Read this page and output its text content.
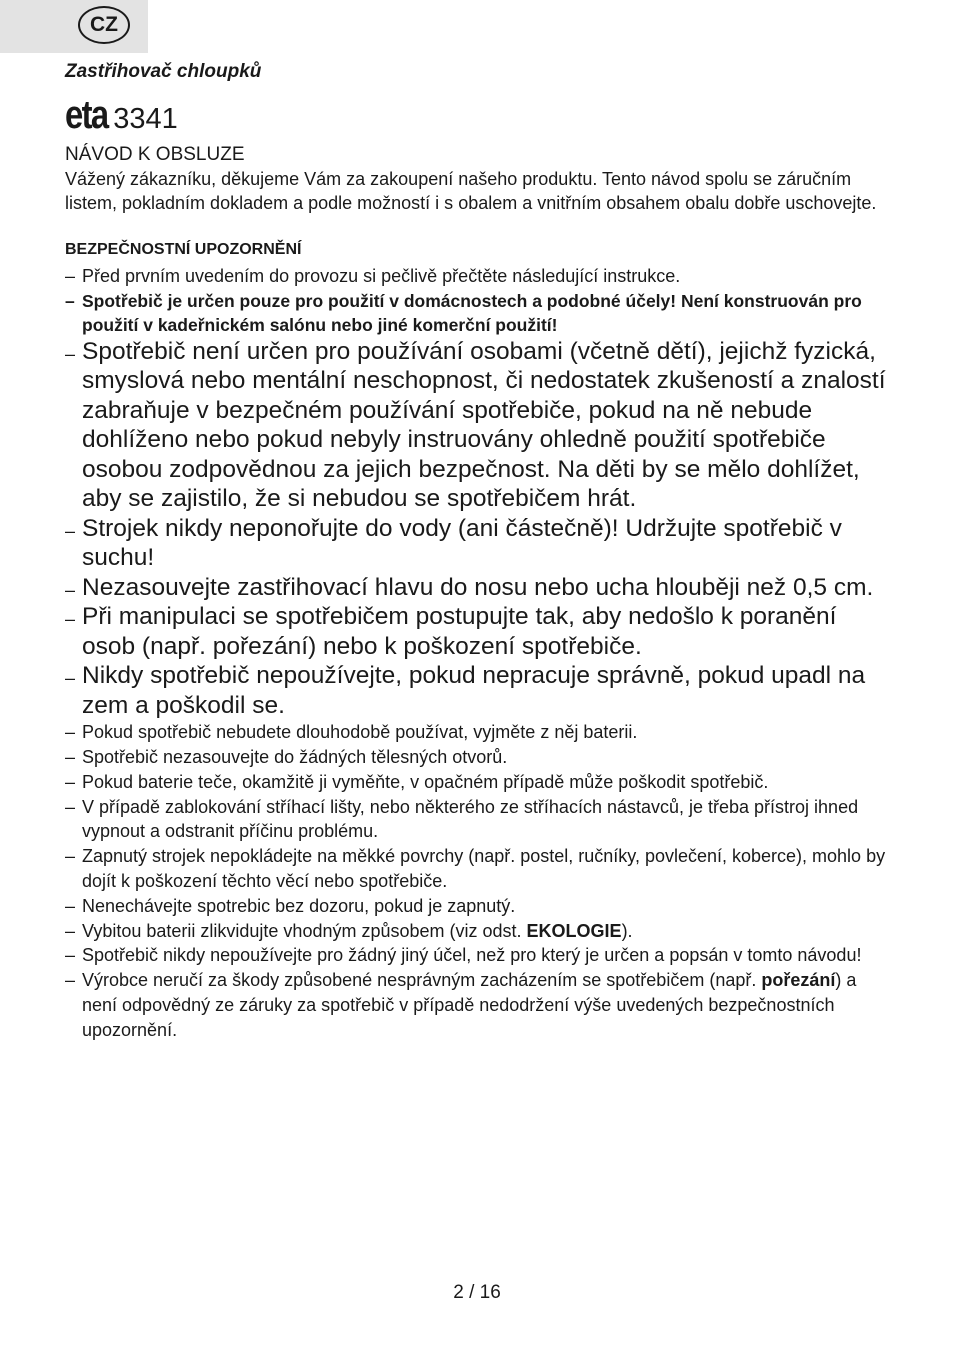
CZ
Zastřihovač chloupků
eta 3341

NÁVOD K OBSLUZE

Vážený zákazníku, děkujeme Vám za zakoupení našeho produktu. Tento návod spolu se záručním listem, pokladním dokladem a podle možností i s obalem a vnitřním obsahem obalu dobře uschovejte.

BEZPEČNOSTNÍ UPOZORNĚNÍ
– Před prvním uvedením do provozu si pečlivě přečtěte následující instrukce.
– Spotřebič je určen pouze pro použití v domácnostech a podobné účely! Není konstruován pro použití v kadeřnickém salónu nebo jiné komerční použití!
– Spotřebič není určen pro používání osobami (včetně dětí), jejichž fyzická, smyslová nebo mentální neschopnost, či nedostatek zkušeností a znalostí zabraňuje v bezpečném používání spotřebiče, pokud na ně nebude dohlíženo nebo pokud nebyly instruovány ohledně použití spotřebiče osobou zodpovědnou za jejich bezpečnost. Na děti by se mělo dohlížet, aby se zajistilo, že si nebudou se spotřebičem hrát.
– Strojek nikdy neponořujte do vody (ani částečně)! Udržujte spotřebič v suchu!
– Nezasouvejte zastřihovací hlavu do nosu nebo ucha hlouběji než 0,5 cm.
– Při manipulaci se spotřebičem postupujte tak, aby nedošlo k poranění osob (např. pořezání) nebo k poškození spotřebiče.
– Nikdy spotřebič nepoužívejte, pokud nepracuje správně, pokud upadl na zem a poškodil se.
– Pokud spotřebič nebudete dlouhodobě používat, vyjměte z něj baterii.
– Spotřebič nezasouvejte do žádných tělesných otvorů.
– Pokud baterie teče, okamžitě ji vyměňte, v opačném případě může poškodit spotřebič.
– V případě zablokování stříhací lišty, nebo některého ze stříhacích nástavců, je třeba přístroj ihned vypnout a odstranit příčinu problému.
– Zapnutý strojek nepokládejte na měkké povrchy (např. postel, ručníky, povlečení, koberce), mohlo by dojít k poškození těchto věcí nebo spotřebiče.
– Nenechávejte spotrebic bez dozoru, pokud je zapnutý.
– Vybitou baterii zlikvidujte vhodným způsobem (viz odst. EKOLOGIE).
– Spotřebič nikdy nepoužívejte pro žádný jiný účel, než pro který je určen a popsán v tomto návodu!
– Výrobce neručí za škody způsobené nesprávným zacházením se spotřebičem (např. pořezání) a není odpovědný ze záruky za spotřebič v případě nedodržení výše uvedených bezpečnostních upozornění.
2 / 16
